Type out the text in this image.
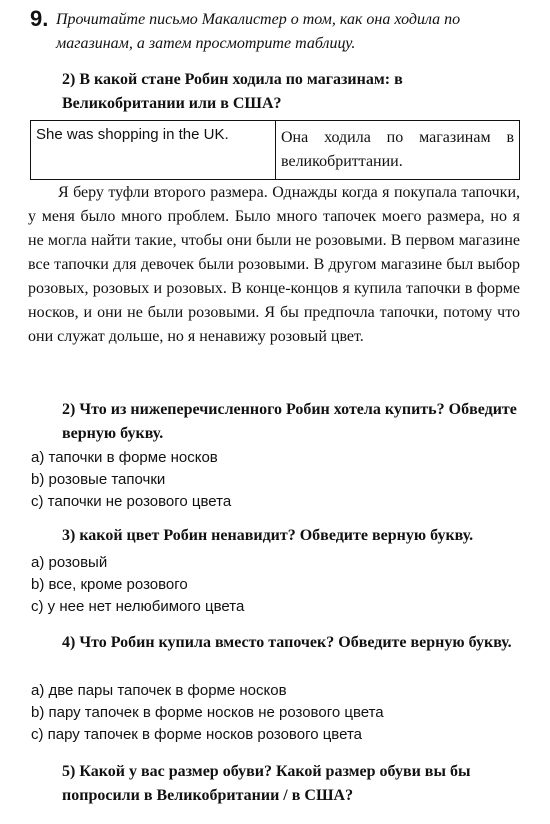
9. Прочитайте письмо Макалистер о том, как она ходила по магазинам, а затем просмотрите таблицу.

2) В какой стане Робин ходила по магазинам: в Великобритании или в США?

She was shopping in the UK.	Она ходила по магазинам в великобриттании.

Я беру туфли второго размера. Однажды когда я покупала тапочки, у меня было много проблем. Было много тапочек моего размера, но я не могла найти такие, чтобы они были не розовыми. В первом магазине все тапочки для девочек были розовыми. В другом магазине был выбор розовых, розовых и розовых. В конце-концов я купила тапочки в форме носков, и они не были розовыми. Я бы предпочла тапочки, потому что они служат дольше, но я ненавижу розовый цвет.

2) Что из нижеперечисленного Робин хотела купить? Обведите верную букву.

a) тапочки в форме носков
b) розовые тапочки
c) тапочки не розового цвета

3) какой цвет Робин ненавидит? Обведите верную букву.

a) розовый
b) все, кроме розового
c) у нее нет нелюбимого цвета

4) Что Робин купила вместо тапочек? Обведите верную букву.

a) две пары тапочек в форме носков
b) пару тапочек в форме носков не розового цвета
c) пару тапочек в форме носков розового цвета

5) Какой у вас размер обуви? Какой размер обуви вы бы попросили в Великобритании / в США?
